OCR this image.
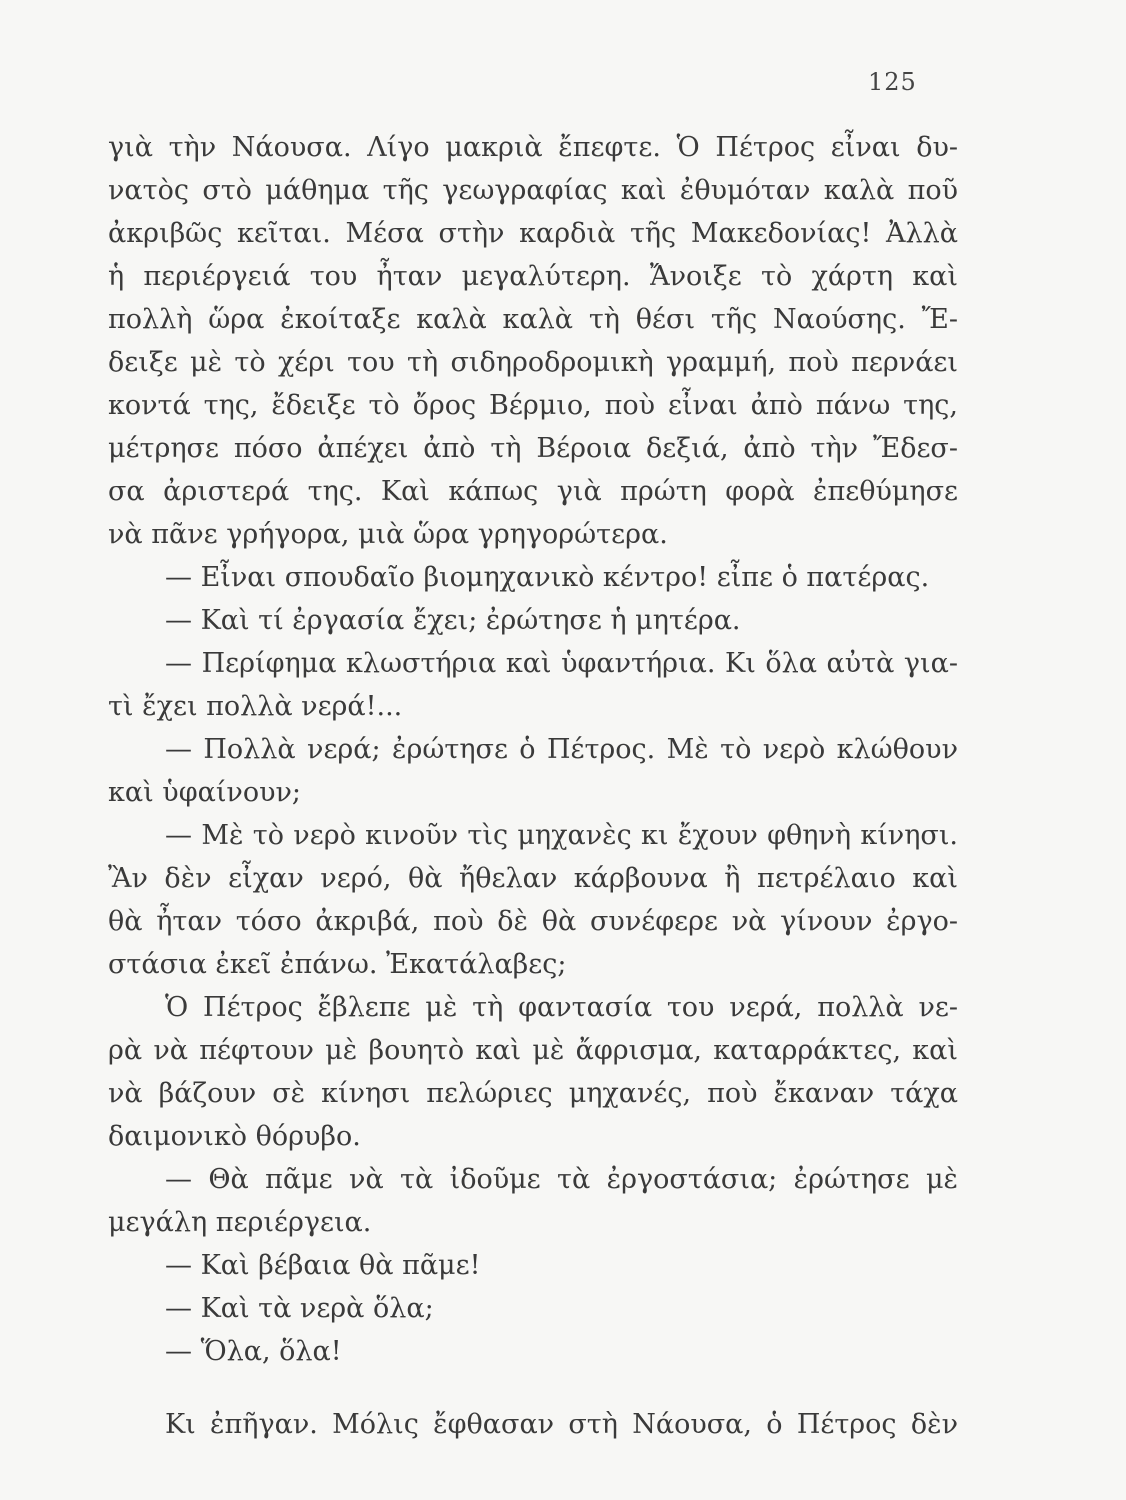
125
γιὰ τὴν Νάουσα. Λίγο μακριὰ ἔπεφτε. Ὁ Πέτρος εἶναι δυ-
νατὸς στὸ μάθημα τῆς γεωγραφίας καὶ ἐθυμόταν καλὰ ποῦ
ἀκριβῶς κεῖται. Μέσα στὴν καρδιὰ τῆς Μακεδονίας! Ἀλλὰ
ἡ περιέργειά του ἦταν μεγαλύτερη. Ἄνοιξε τὸ χάρτη καὶ
πολλὴ ὥρα ἐκοίταξε καλὰ καλὰ τὴ θέσι τῆς Ναούσης. Ἔ-
δειξε μὲ τὸ χέρι του τὴ σιδηροδρομικὴ γραμμή, ποὺ περνάει
κοντά της, ἔδειξε τὸ ὄρος Βέρμιο, ποὺ εἶναι ἀπὸ πάνω της,
μέτρησε πόσο ἀπέχει ἀπὸ τὴ Βέροια δεξιά, ἀπὸ τὴν Ἔδεσ-
σα ἀριστερά της. Καὶ κάπως γιὰ πρώτη φορὰ ἐπεθύμησε
νὰ πᾶνε γρήγορα, μιὰ ὥρα γρηγορώτερα.
— Εἶναι σπουδαῖο βιομηχανικὸ κέντρο! εἶπε ὁ πατέρας.
— Καὶ τί ἐργασία ἔχει; ἐρώτησε ἡ μητέρα.
— Περίφημα κλωστήρια καὶ ὑφαντήρια. Κι ὅλα αὐτὰ για-
τὶ ἔχει πολλὰ νερά!...
— Πολλὰ νερά; ἐρώτησε ὁ Πέτρος. Μὲ τὸ νερὸ κλώθουν
καὶ ὑφαίνουν;
— Μὲ τὸ νερὸ κινοῦν τὶς μηχανὲς κι ἔχουν φθηνὴ κίνησι.
Ἂν δὲν εἶχαν νερό, θὰ ἤθελαν κάρβουνα ἢ πετρέλαιο καὶ
θὰ ἦταν τόσο ἀκριβά, ποὺ δὲ θὰ συνέφερε νὰ γίνουν ἐργο-
στάσια ἐκεῖ ἐπάνω. Ἐκατάλαβες;
Ὁ Πέτρος ἔβλεπε μὲ τὴ φαντασία του νερά, πολλὰ νε-
ρὰ νὰ πέφτουν μὲ βουητὸ καὶ μὲ ἄφρισμα, καταρράκτες, καὶ
νὰ βάζουν σὲ κίνησι πελώριες μηχανές, ποὺ ἔκαναν τάχα
δαιμονικὸ θόρυβο.
— Θὰ πᾶμε νὰ τὰ ἰδοῦμε τὰ ἐργοστάσια; ἐρώτησε μὲ
μεγάλη περιέργεια.
— Καὶ βέβαια θὰ πᾶμε!
— Καὶ τὰ νερὰ ὅλα;
— Ὅλα, ὅλα!
Κι ἐπῆγαν. Μόλις ἔφθασαν στὴ Νάουσα, ὁ Πέτρος δὲν
